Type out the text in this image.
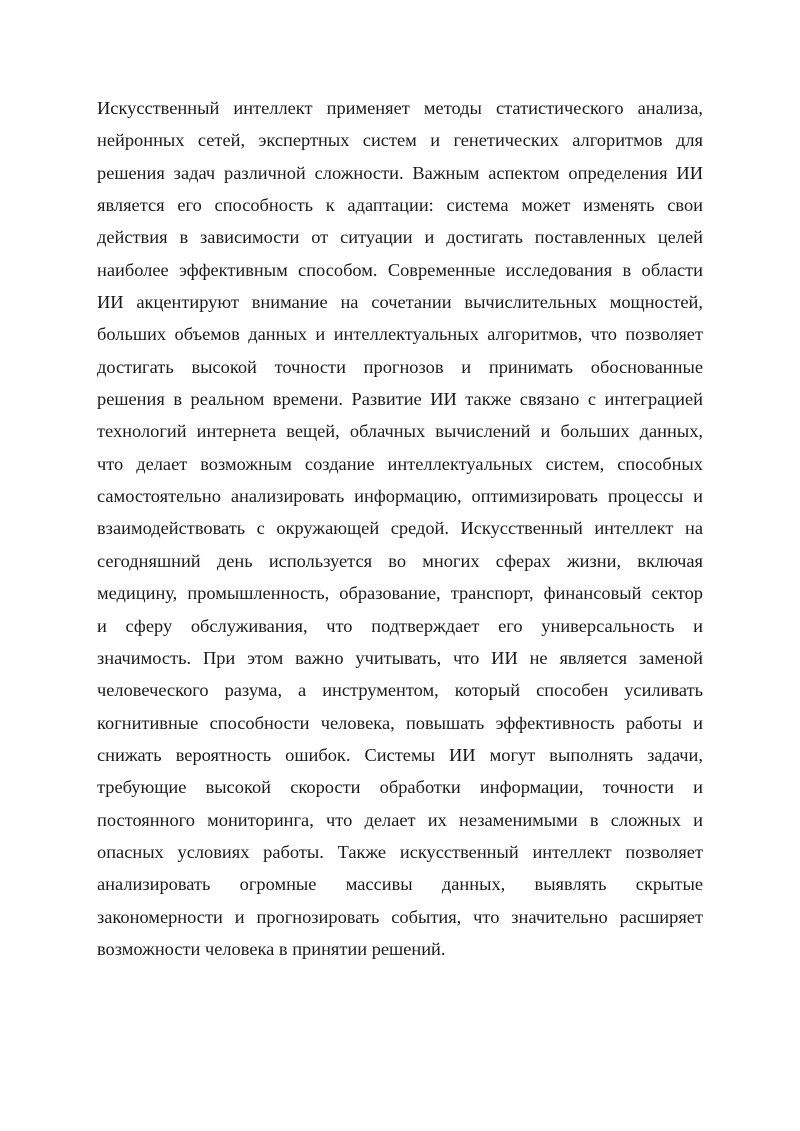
Искусственный интеллект применяет методы статистического анализа,
нейронных сетей, экспертных систем и генетических алгоритмов для
решения задач различной сложности. Важным аспектом определения ИИ
является его способность к адаптации: система может изменять свои
действия в зависимости от ситуации и достигать поставленных целей
наиболее эффективным способом. Современные исследования в области
ИИ акцентируют внимание на сочетании вычислительных мощностей,
больших объемов данных и интеллектуальных алгоритмов, что позволяет
достигать высокой точности прогнозов и принимать обоснованные
решения в реальном времени. Развитие ИИ также связано с интеграцией
технологий интернета вещей, облачных вычислений и больших данных,
что делает возможным создание интеллектуальных систем, способных
самостоятельно анализировать информацию, оптимизировать процессы и
взаимодействовать с окружающей средой. Искусственный интеллект на
сегодняшний день используется во многих сферах жизни, включая
медицину, промышленность, образование, транспорт, финансовый сектор
и сферу обслуживания, что подтверждает его универсальность и
значимость. При этом важно учитывать, что ИИ не является заменой
человеческого разума, а инструментом, который способен усиливать
когнитивные способности человека, повышать эффективность работы и
снижать вероятность ошибок. Системы ИИ могут выполнять задачи,
требующие высокой скорости обработки информации, точности и
постоянного мониторинга, что делает их незаменимыми в сложных и
опасных условиях работы. Также искусственный интеллект позволяет
анализировать огромные массивы данных, выявлять скрытые
закономерности и прогнозировать события, что значительно расширяет
возможности человека в принятии решений.
